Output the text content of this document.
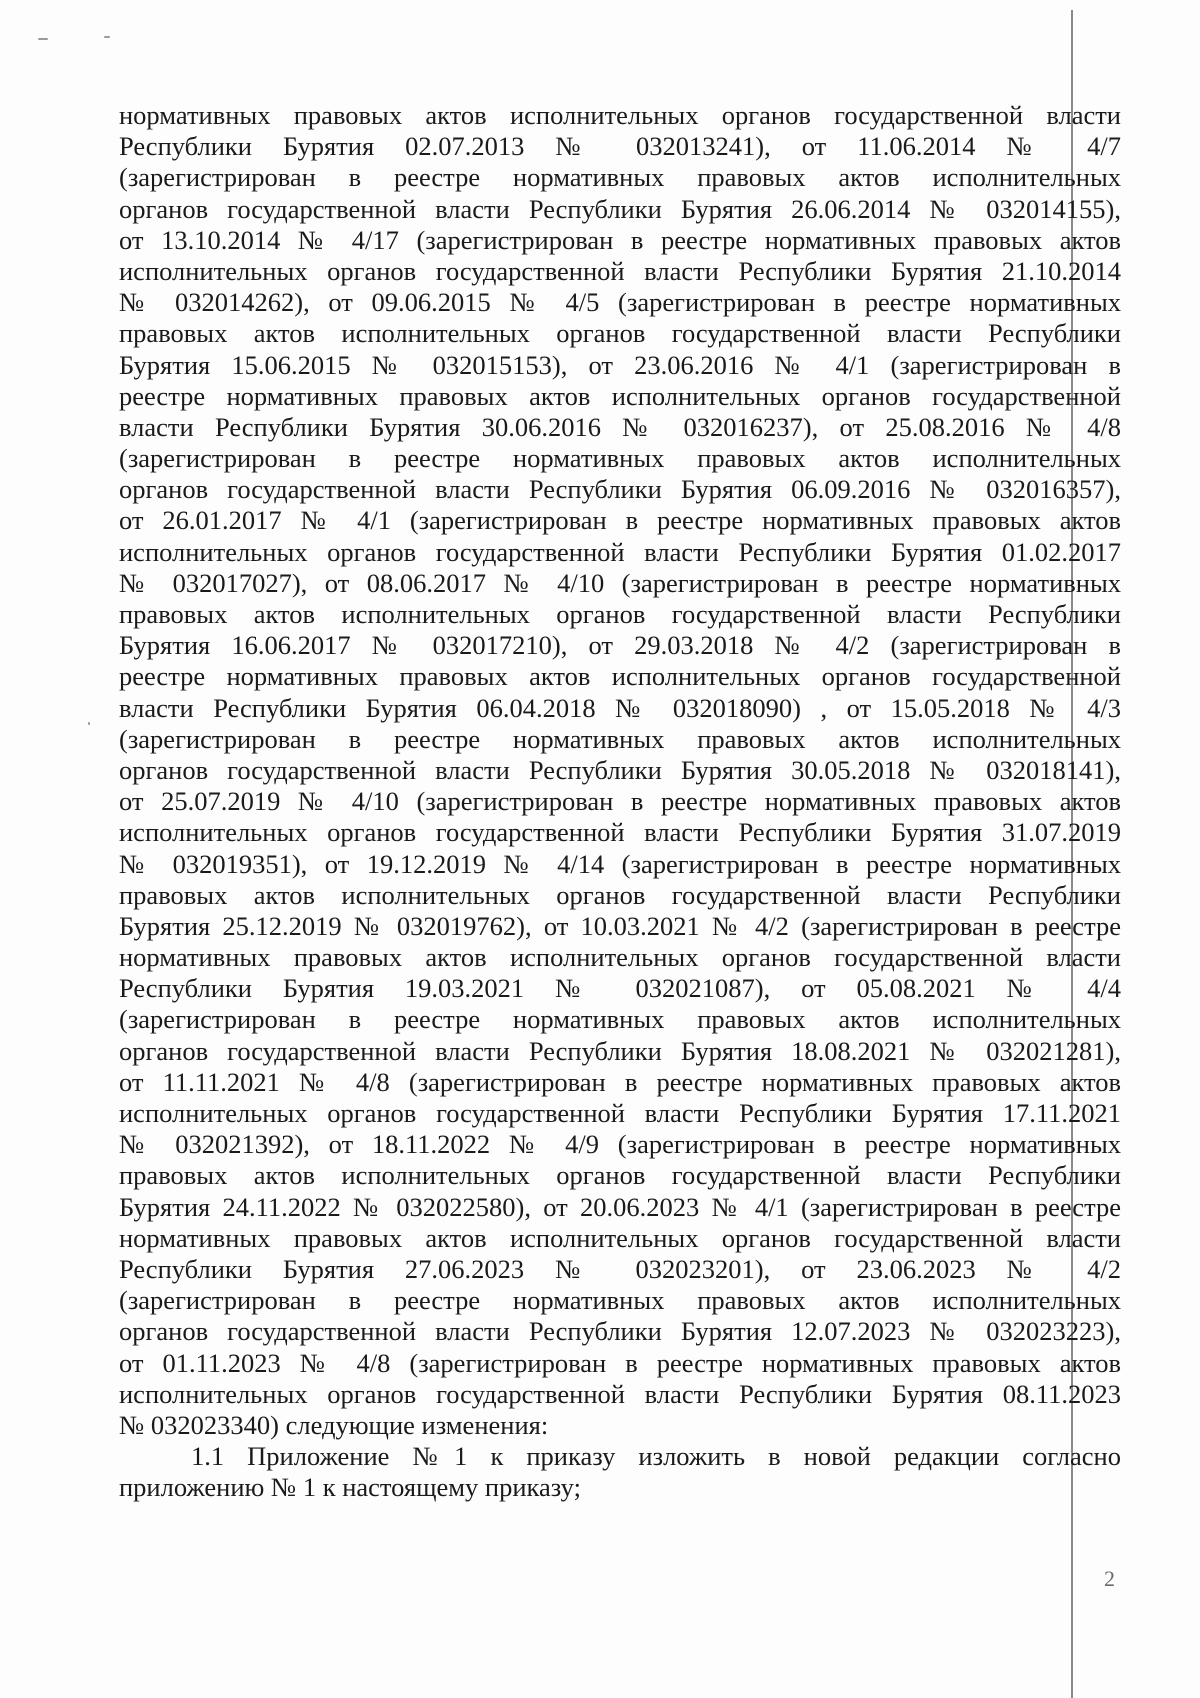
нормативных правовых актов исполнительных органов государственной власти
Республики Бурятия 02.07.2013 № 032013241), от 11.06.2014 № 4/7
(зарегистрирован в реестре нормативных правовых актов исполнительных
органов государственной власти Республики Бурятия 26.06.2014 № 032014155),
от 13.10.2014 № 4/17 (зарегистрирован в реестре нормативных правовых актов
исполнительных органов государственной власти Республики Бурятия 21.10.2014
№ 032014262), от 09.06.2015 № 4/5 (зарегистрирован в реестре нормативных
правовых актов исполнительных органов государственной власти Республики
Бурятия 15.06.2015 № 032015153), от 23.06.2016 № 4/1 (зарегистрирован в
реестре нормативных правовых актов исполнительных органов государственной
власти Республики Бурятия 30.06.2016 № 032016237), от 25.08.2016 № 4/8
(зарегистрирован в реестре нормативных правовых актов исполнительных
органов государственной власти Республики Бурятия 06.09.2016 № 032016357),
от 26.01.2017 № 4/1 (зарегистрирован в реестре нормативных правовых актов
исполнительных органов государственной власти Республики Бурятия 01.02.2017
№ 032017027), от 08.06.2017 № 4/10 (зарегистрирован в реестре нормативных
правовых актов исполнительных органов государственной власти Республики
Бурятия 16.06.2017 № 032017210), от 29.03.2018 № 4/2 (зарегистрирован в
реестре нормативных правовых актов исполнительных органов государственной
власти Республики Бурятия 06.04.2018 № 032018090) , от 15.05.2018 № 4/3
(зарегистрирован в реестре нормативных правовых актов исполнительных
органов государственной власти Республики Бурятия 30.05.2018 № 032018141),
от 25.07.2019 № 4/10 (зарегистрирован в реестре нормативных правовых актов
исполнительных органов государственной власти Республики Бурятия 31.07.2019
№ 032019351), от 19.12.2019 № 4/14 (зарегистрирован в реестре нормативных
правовых актов исполнительных органов государственной власти Республики
Бурятия 25.12.2019 № 032019762), от 10.03.2021 № 4/2 (зарегистрирован в реестре
нормативных правовых актов исполнительных органов государственной власти
Республики Бурятия 19.03.2021 № 032021087), от 05.08.2021 № 4/4
(зарегистрирован в реестре нормативных правовых актов исполнительных
органов государственной власти Республики Бурятия 18.08.2021 № 032021281),
от 11.11.2021 № 4/8 (зарегистрирован в реестре нормативных правовых актов
исполнительных органов государственной власти Республики Бурятия 17.11.2021
№ 032021392), от 18.11.2022 № 4/9 (зарегистрирован в реестре нормативных
правовых актов исполнительных органов государственной власти Республики
Бурятия 24.11.2022 № 032022580), от 20.06.2023 № 4/1 (зарегистрирован в реестре
нормативных правовых актов исполнительных органов государственной власти
Республики Бурятия 27.06.2023 № 032023201), от 23.06.2023 № 4/2
(зарегистрирован в реестре нормативных правовых актов исполнительных
органов государственной власти Республики Бурятия 12.07.2023 № 032023223),
от 01.11.2023 № 4/8 (зарегистрирован в реестре нормативных правовых актов
исполнительных органов государственной власти Республики Бурятия 08.11.2023
№ 032023340) следующие изменения:
1.1 Приложение №1 к приказу изложить в новой редакции согласно
приложению № 1 к настоящему приказу;
2
